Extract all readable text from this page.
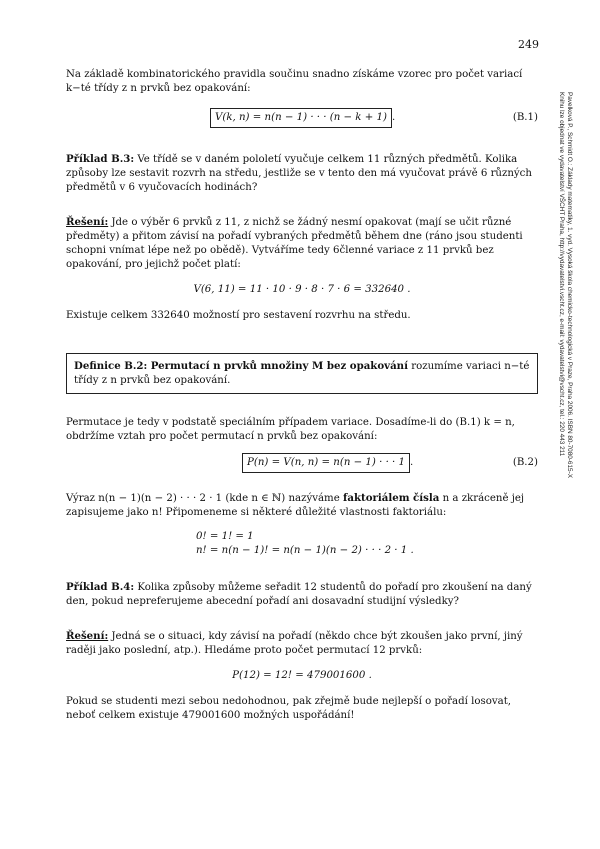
249
Pavelková P., Schmidt O.: Základy matematiky, 1. vyd. Vysoká škola chemicko-technologická v Praze, Praha 2006. ISBN 80-7080-615-X
Knihu lze objednat ve vydavatelství VŠCHT Praha, http://vydavatelstvi.vscht.cz, e-mail: vydavatelstvi@vscht.cz, tel.: 220 443 211

Na základě kombinatorického pravidla součinu snadno získáme vzorec pro počet variací k−té třídy z n prvků bez opakování:

V(k, n) = n(n − 1) · · · (n − k + 1) .	(B.1)

Příklad B.3: Ve třídě se v daném pololetí vyučuje celkem 11 různých předmětů. Kolika způsoby lze sestavit rozvrh na středu, jestliže se v tento den má vyučovat právě 6 různých předmětů v 6 vyučovacích hodinách?

Řešení: Jde o výběr 6 prvků z 11, z nichž se žádný nesmí opakovat (mají se učit různé předměty) a přitom závisí na pořadí vybraných předmětů během dne (ráno jsou studenti schopni vnímat lépe než po obědě). Vytváříme tedy 6členné variace z 11 prvků bez opakování, pro jejichž počet platí:

V(6, 11) = 11 · 10 · 9 · 8 · 7 · 6 = 332640 .

Existuje celkem 332640 možností pro sestavení rozvrhu na středu.

Definice B.2: Permutací n prvků množiny M bez opakování rozumíme variaci n−té třídy z n prvků bez opakování.

Permutace je tedy v podstatě speciálním případem variace. Dosadíme-li do (B.1) k = n, obdržíme vztah pro počet permutací n prvků bez opakování:

P(n) = V(n, n) = n(n − 1) · · · 1 .	(B.2)

Výraz n(n − 1)(n − 2) · · · 2 · 1 (kde n ∈ ℕ) nazýváme faktoriálem čísla n a zkráceně jej zapisujeme jako n! Připomeneme si některé důležité vlastnosti faktoriálu:

0! = 1! = 1
n! = n(n − 1)! = n(n − 1)(n − 2) · · · 2 · 1 .

Příklad B.4: Kolika způsoby můžeme seřadit 12 studentů do pořadí pro zkoušení na daný den, pokud nepreferujeme abecední pořadí ani dosavadní studijní výsledky?

Řešení: Jedná se o situaci, kdy závisí na pořadí (někdo chce být zkoušen jako první, jiný raději jako poslední, atp.). Hledáme proto počet permutací 12 prvků:

P(12) = 12! = 479001600 .

Pokud se studenti mezi sebou nedohodnou, pak zřejmě bude nejlepší o pořadí losovat, neboť celkem existuje 479001600 možných uspořádání!
